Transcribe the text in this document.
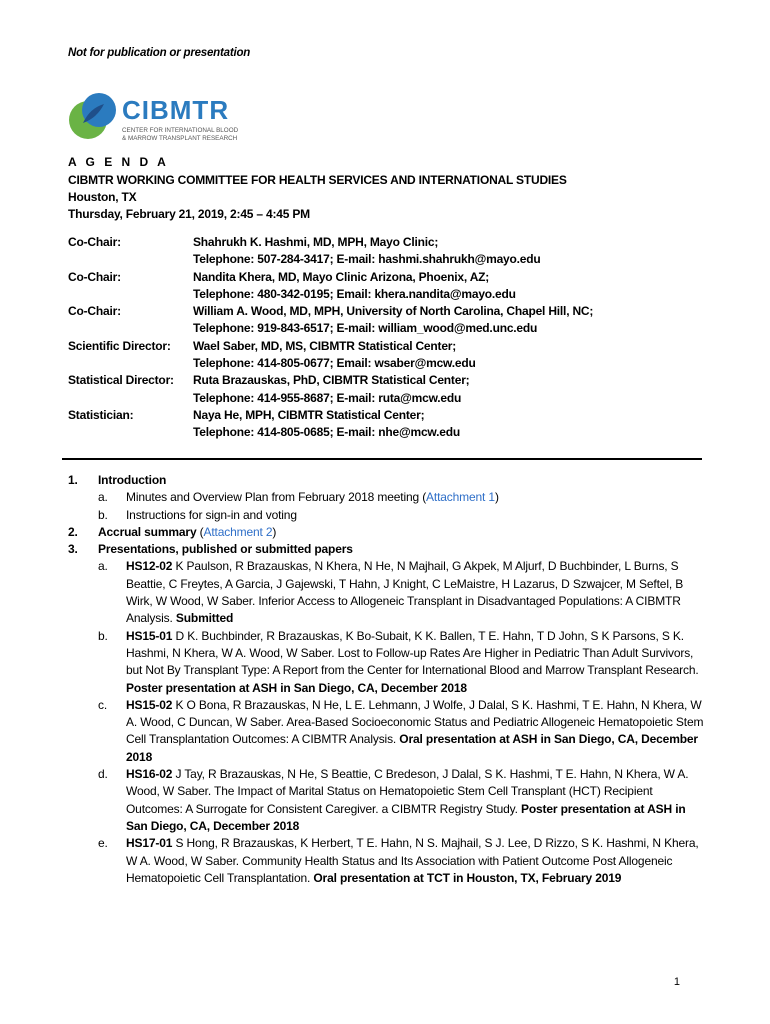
Not for publication or presentation
CIBMTR
CENTER FOR INTERNATIONAL BLOOD
& MARROW TRANSPLANT RESEARCH
A G E N D A
CIBMTR WORKING COMMITTEE FOR HEALTH SERVICES AND INTERNATIONAL STUDIES
Houston, TX
Thursday, February 21, 2019, 2:45 – 4:45 PM
Co-Chair:	Shahrukh K. Hashmi, MD, MPH, Mayo Clinic;
Telephone: 507-284-3417; E-mail: hashmi.shahrukh@mayo.edu
Co-Chair:	Nandita Khera, MD, Mayo Clinic Arizona, Phoenix, AZ;
Telephone: 480-342-0195; Email: khera.nandita@mayo.edu
Co-Chair:	William A. Wood, MD, MPH, University of North Carolina, Chapel Hill, NC;
Telephone: 919-843-6517; E-mail: william_wood@med.unc.edu
Scientific Director:	Wael Saber, MD, MS, CIBMTR Statistical Center;
Telephone: 414-805-0677; Email: wsaber@mcw.edu
Statistical Director:	Ruta Brazauskas, PhD, CIBMTR Statistical Center;
Telephone: 414-955-8687; E-mail: ruta@mcw.edu
Statistician:	Naya He, MPH, CIBMTR Statistical Center;
Telephone: 414-805-0685; E-mail: nhe@mcw.edu
1. Introduction
a. Minutes and Overview Plan from February 2018 meeting (Attachment 1)
b. Instructions for sign-in and voting
2. Accrual summary (Attachment 2)
3. Presentations, published or submitted papers
a. HS12-02 K Paulson, R Brazauskas, N Khera, N He, N Majhail, G Akpek, M Aljurf, D Buchbinder, L Burns, S Beattie, C Freytes, A Garcia, J Gajewski, T Hahn, J Knight, C LeMaistre, H Lazarus, D Szwajcer, M Seftel, B Wirk, W Wood, W Saber. Inferior Access to Allogeneic Transplant in Disadvantaged Populations: A CIBMTR Analysis. Submitted
b. HS15-01 D K. Buchbinder, R Brazauskas, K Bo-Subait, K K. Ballen, T E. Hahn, T D John, S K Parsons, S K. Hashmi, N Khera, W A. Wood, W Saber. Lost to Follow-up Rates Are Higher in Pediatric Than Adult Survivors, but Not By Transplant Type: A Report from the Center for International Blood and Marrow Transplant Research. Poster presentation at ASH in San Diego, CA, December 2018
c. HS15-02 K O Bona, R Brazauskas, N He, L E. Lehmann, J Wolfe, J Dalal, S K. Hashmi, T E. Hahn, N Khera, W A. Wood, C Duncan, W Saber. Area-Based Socioeconomic Status and Pediatric Allogeneic Hematopoietic Stem Cell Transplantation Outcomes: A CIBMTR Analysis. Oral presentation at ASH in San Diego, CA, December 2018
d. HS16-02 J Tay, R Brazauskas, N He, S Beattie, C Bredeson, J Dalal, S K. Hashmi, T E. Hahn, N Khera, W A. Wood, W Saber. The Impact of Marital Status on Hematopoietic Stem Cell Transplant (HCT) Recipient Outcomes: A Surrogate for Consistent Caregiver. a CIBMTR Registry Study. Poster presentation at ASH in San Diego, CA, December 2018
e. HS17-01 S Hong, R Brazauskas, K Herbert, T E. Hahn, N S. Majhail, S J. Lee, D Rizzo, S K. Hashmi, N Khera, W A. Wood, W Saber. Community Health Status and Its Association with Patient Outcome Post Allogeneic Hematopoietic Cell Transplantation. Oral presentation at TCT in Houston, TX, February 2019
1
